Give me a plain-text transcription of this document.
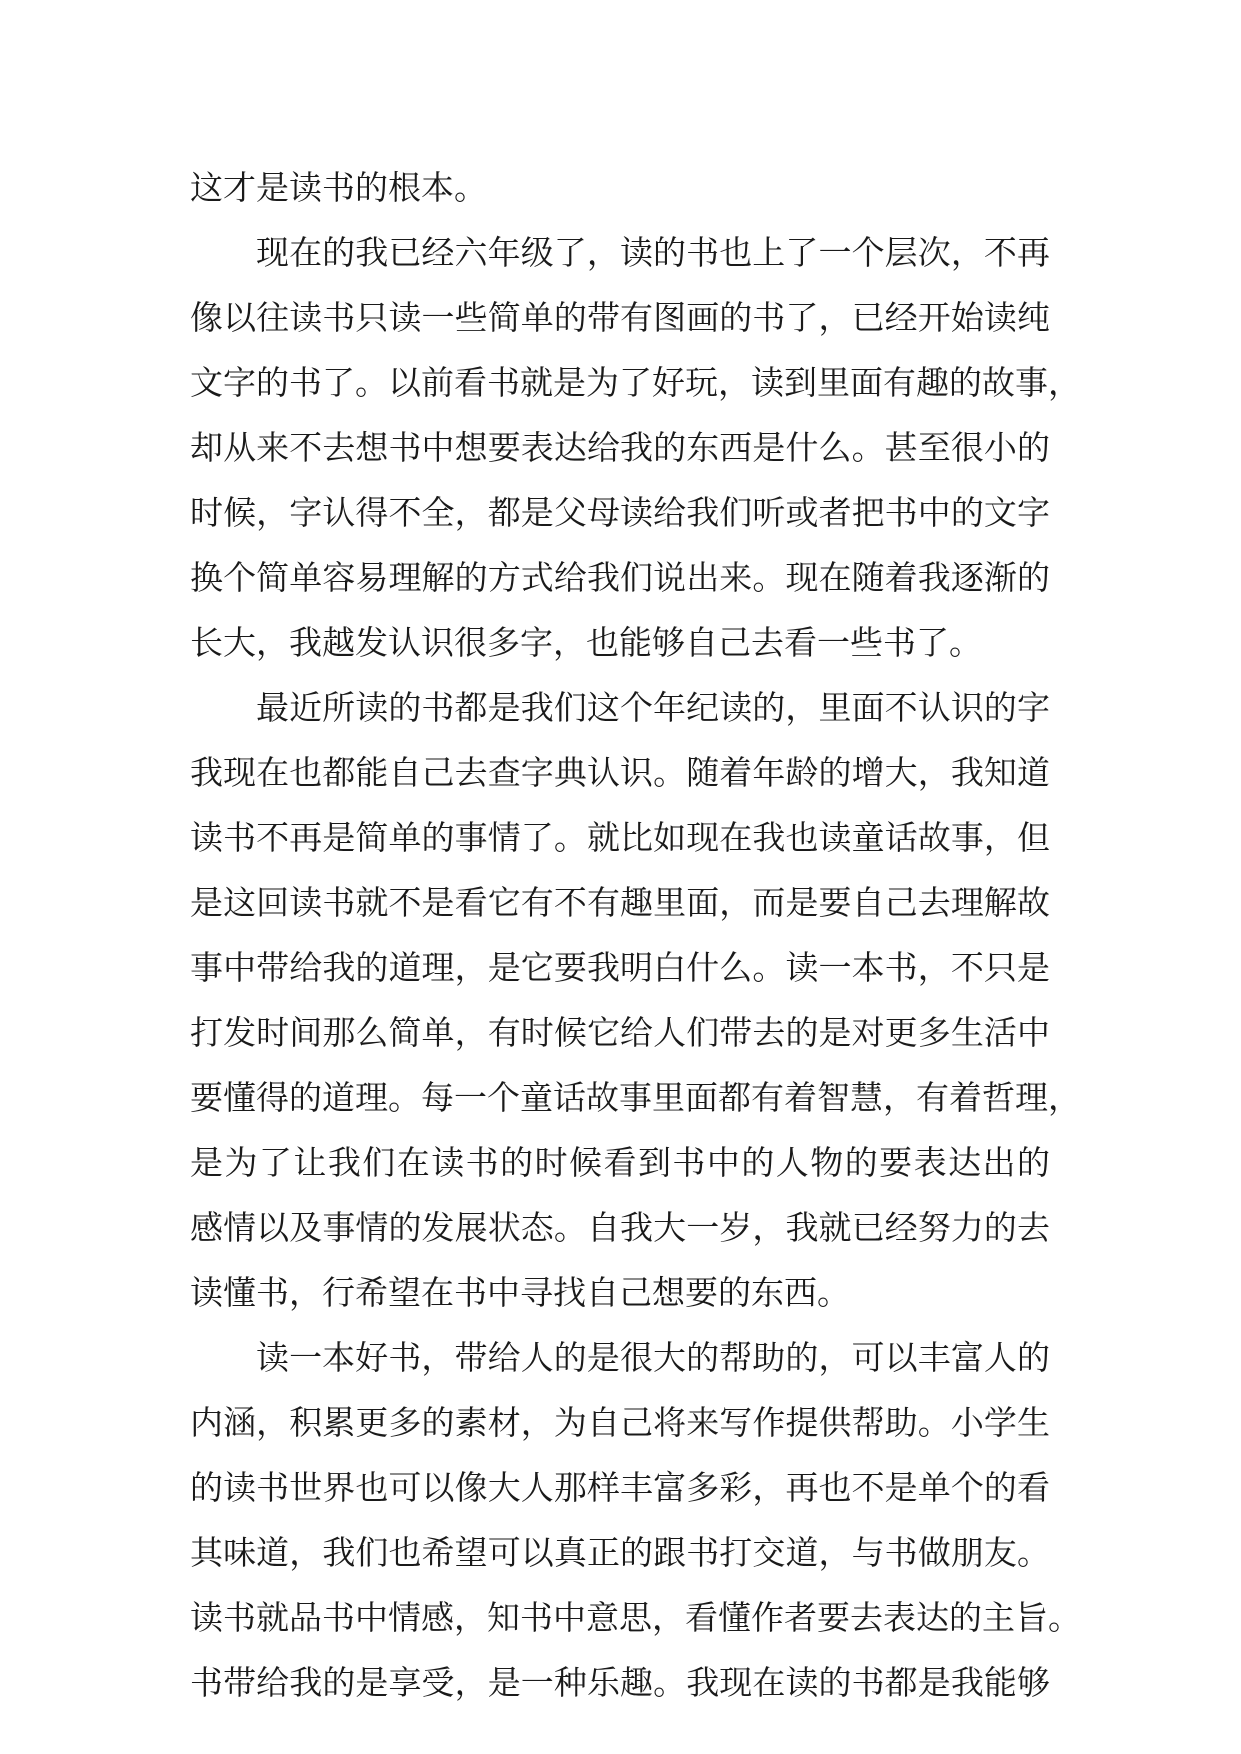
这才是读书的根本。
现在的我已经六年级了，读的书也上了一个层次，不再
像以往读书只读一些简单的带有图画的书了，已经开始读纯
文字的书了。以前看书就是为了好玩，读到里面有趣的故事，
却从来不去想书中想要表达给我的东西是什么。甚至很小的
时候，字认得不全，都是父母读给我们听或者把书中的文字
换个简单容易理解的方式给我们说出来。现在随着我逐渐的
长大，我越发认识很多字，也能够自己去看一些书了。
最近所读的书都是我们这个年纪读的，里面不认识的字
我现在也都能自己去查字典认识。随着年龄的增大，我知道
读书不再是简单的事情了。就比如现在我也读童话故事，但
是这回读书就不是看它有不有趣里面，而是要自己去理解故
事中带给我的道理，是它要我明白什么。读一本书，不只是
打发时间那么简单，有时候它给人们带去的是对更多生活中
要懂得的道理。每一个童话故事里面都有着智慧，有着哲理，
是为了让我们在读书的时候看到书中的人物的要表达出的
感情以及事情的发展状态。自我大一岁，我就已经努力的去
读懂书，行希望在书中寻找自己想要的东西。
读一本好书，带给人的是很大的帮助的，可以丰富人的
内涵，积累更多的素材，为自己将来写作提供帮助。小学生
的读书世界也可以像大人那样丰富多彩，再也不是单个的看
其味道，我们也希望可以真正的跟书打交道，与书做朋友。
读书就品书中情感，知书中意思，看懂作者要去表达的主旨。
书带给我的是享受，是一种乐趣。我现在读的书都是我能够
